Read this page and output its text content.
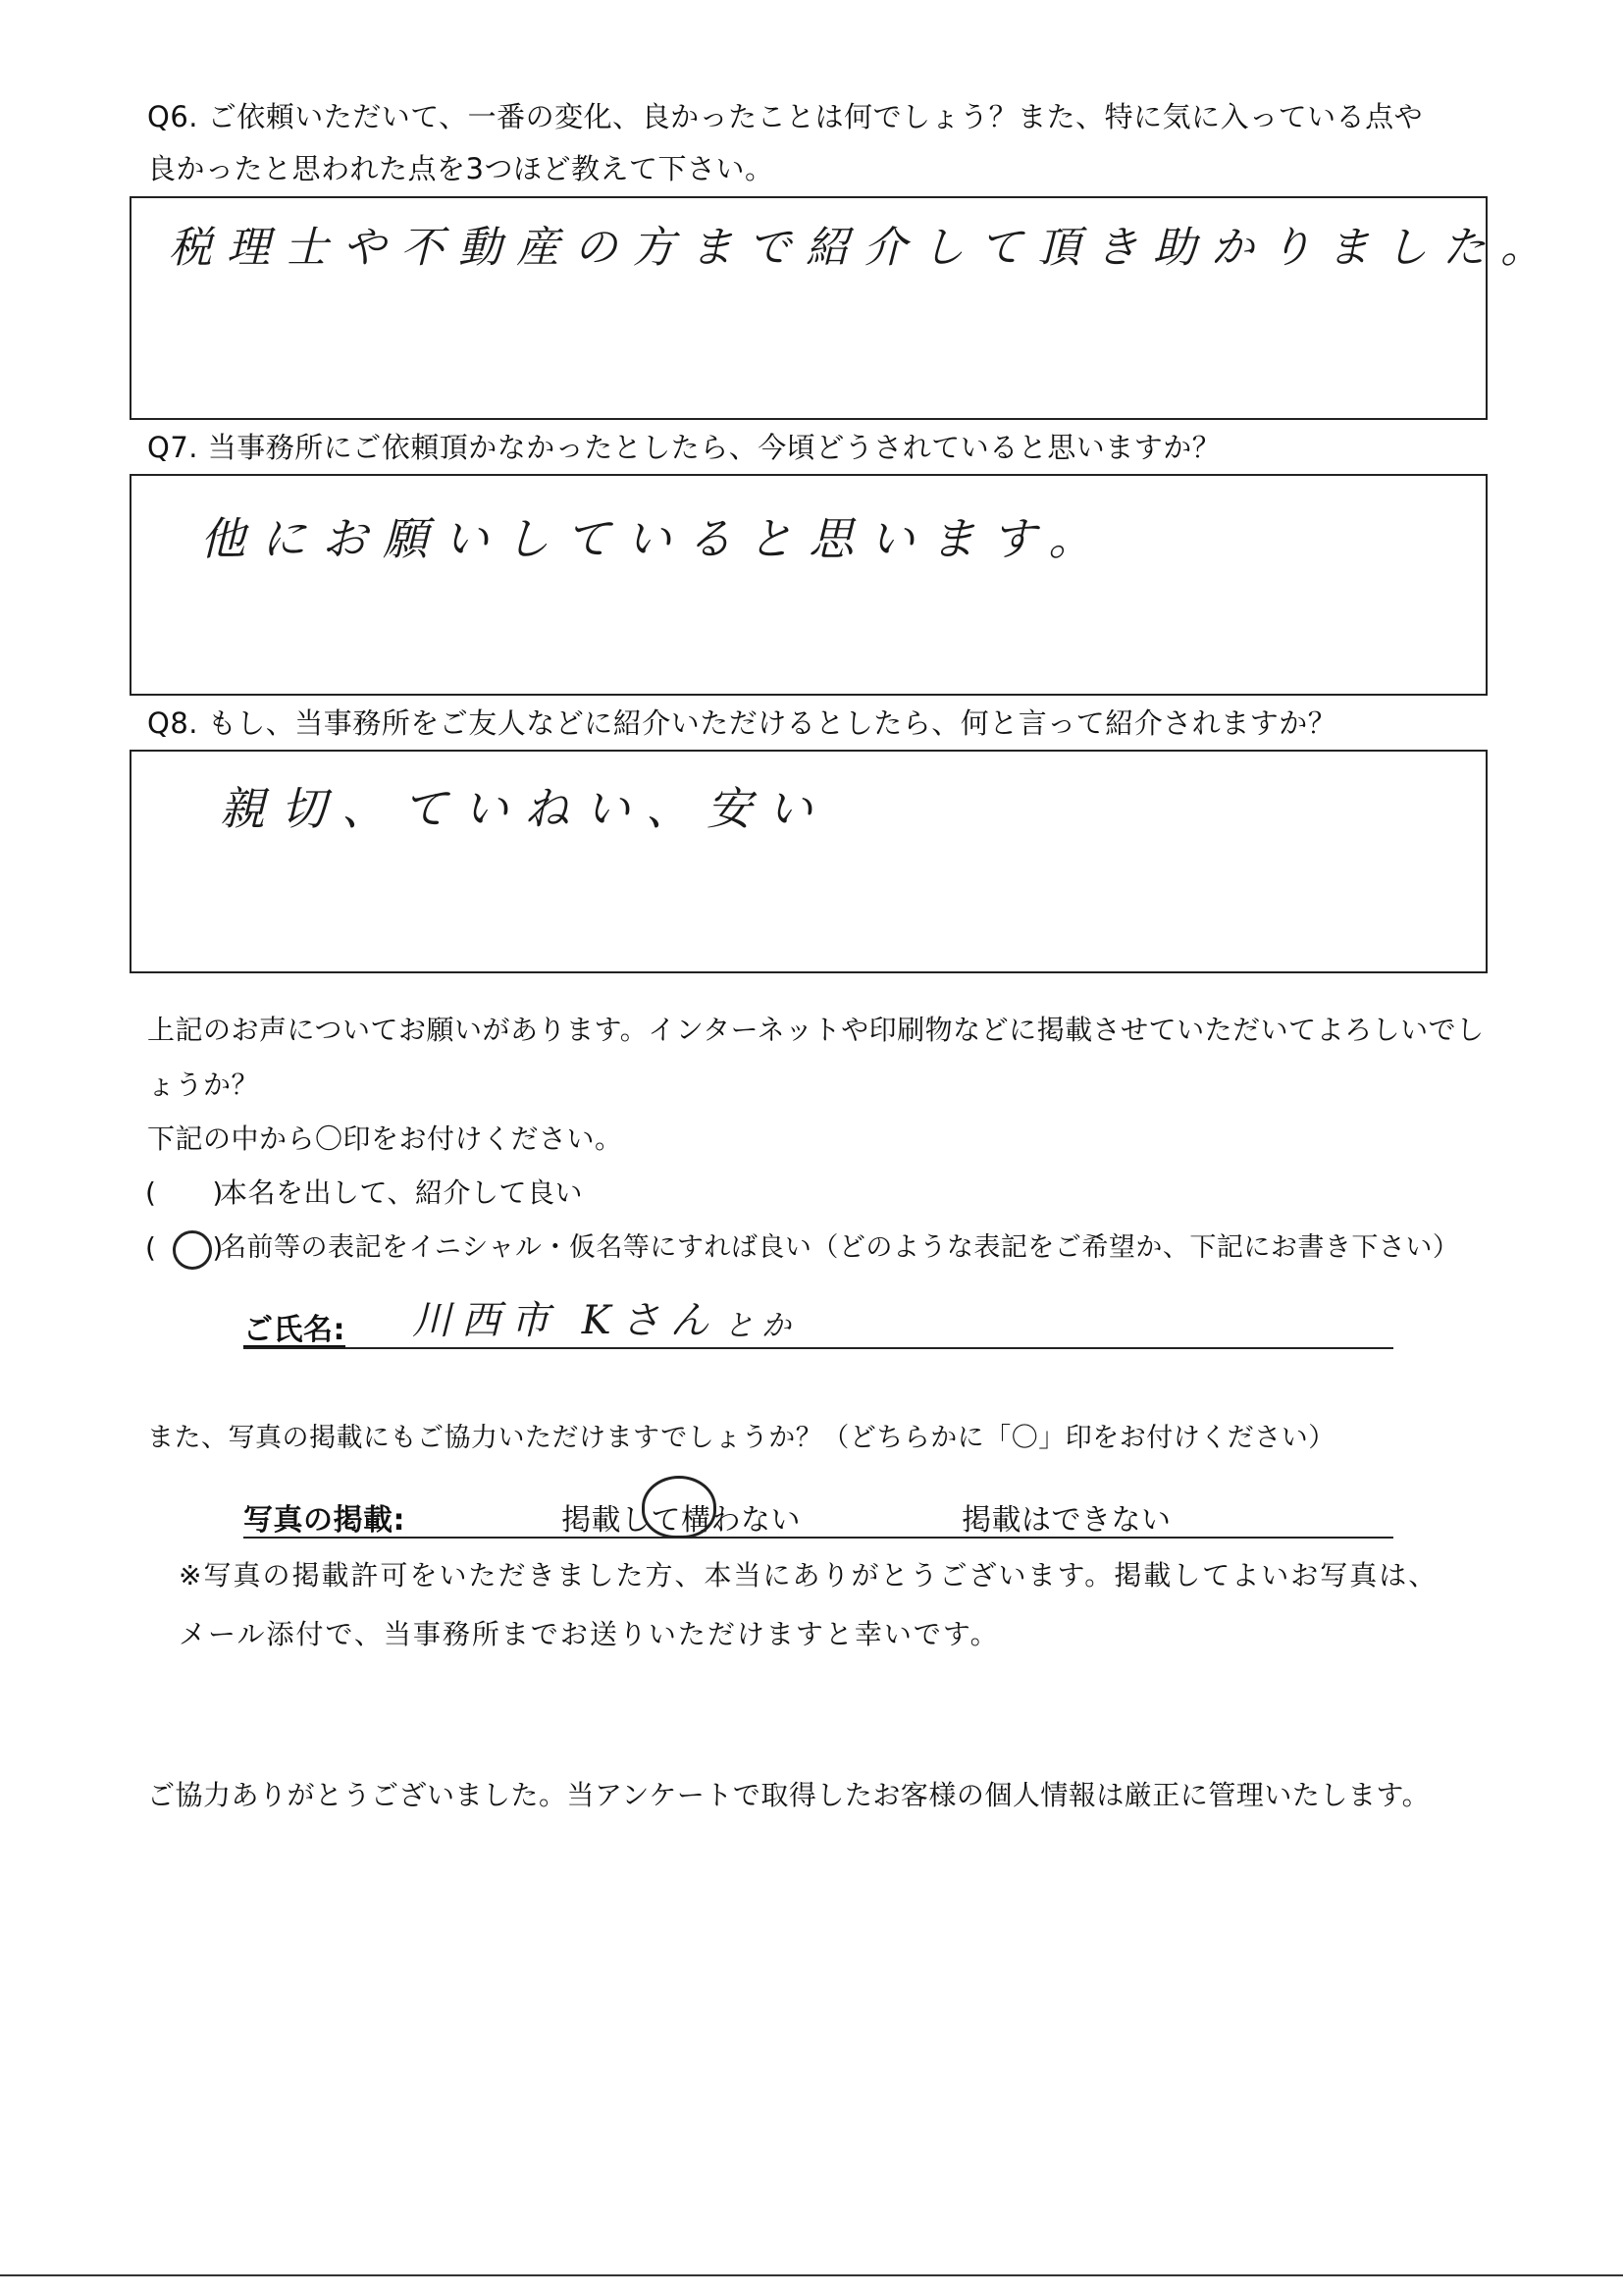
Q6. ご依頼いただいて、一番の変化、良かったことは何でしょう？また、特に気に入っている点や
良かったと思われた点を3つほど教えて下さい。
税理士や不動産の方まで紹介して頂き助かりました。
Q7. 当事務所にご依頼頂かなかったとしたら、今頃どうされていると思いますか？
他にお願いしていると思います。
Q8. もし、当事務所をご友人などに紹介いただけるとしたら、何と言って紹介されますか？
親切、ていねい、安い
上記のお声についてお願いがあります。インターネットや印刷物などに掲載させていただいてよろしいでし
ょうか？
下記の中から〇印をお付けください。
(　　)
本名を出して、紹介して良い
(　　)
名前等の表記をイニシャル・仮名等にすれば良い（どのような表記をご希望か、下記にお書き下さい）
ご氏名: 川西市 Kさん とか
また、写真の掲載にもご協力いただけますでしょうか？（どちらかに「〇」印をお付けください）
写真の掲載:	掲載して構わない	掲載はできない
※写真の掲載許可をいただきました方、本当にありがとうございます。掲載してよいお写真は、
メール添付で、当事務所までお送りいただけますと幸いです。
ご協力ありがとうございました。当アンケートで取得したお客様の個人情報は厳正に管理いたします。
